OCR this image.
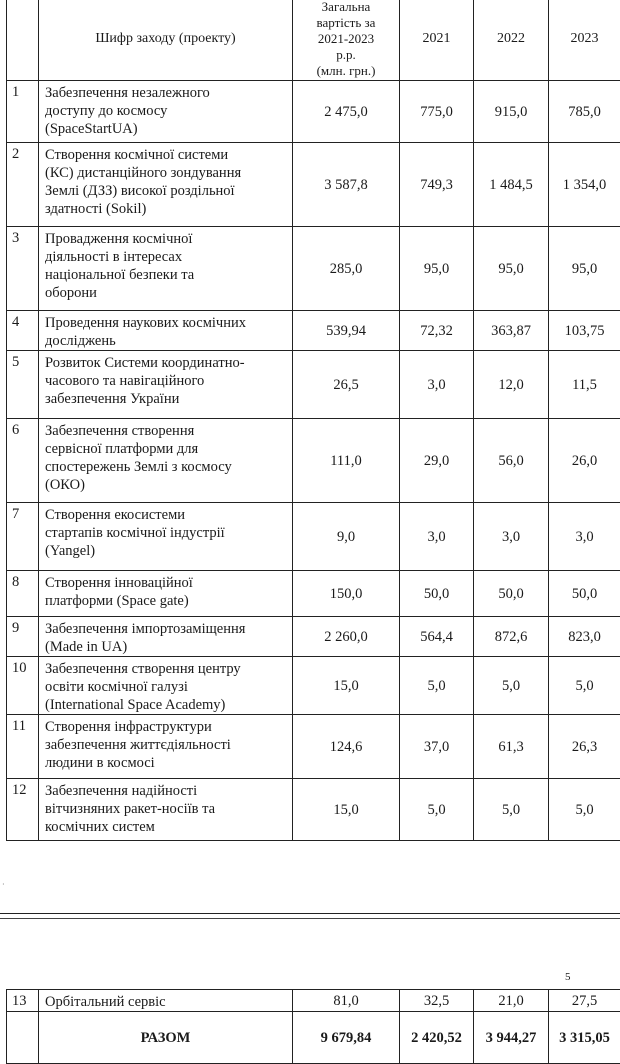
	Шифр заходу (проекту)	Загальна
вартість за
2021-2023
р.р.
(млн. грн.)	2021	2022	2023
1	Забезпечення незалежного
доступу до космосу
(SpaceStartUA)	2 475,0	775,0	915,0	785,0
2	Створення космічної системи
(КС) дистанційного зондування
Землі (ДЗЗ) високої роздільної
здатності (Sokil)	3 587,8	749,3	1 484,5	1 354,0
3	Провадження космічної
діяльності в інтересах
національної безпеки та
оборони	285,0	95,0	95,0	95,0
4	Проведення наукових космічних
досліджень	539,94	72,32	363,87	103,75
5	Розвиток Системи координатно-
часового та навігаційного
забезпечення України	26,5	3,0	12,0	11,5
6	Забезпечення створення
сервісної платформи для
спостережень Землі з космосу
(ОКО)	111,0	29,0	56,0	26,0
7	Створення екосистеми
стартапів космічної індустрії
(Yangel)	9,0	3,0	3,0	3,0
8	Створення інноваційної
платформи (Space gate)	150,0	50,0	50,0	50,0
9	Забезпечення імпортозаміщення
(Made in UA)	2 260,0	564,4	872,6	823,0
10	Забезпечення створення центру
освіти космічної галузі
(International Space Academy)	15,0	5,0	5,0	5,0
11	Створення інфраструктури
забезпечення життєдіяльності
людини в космосі	124,6	37,0	61,3	26,3
12	Забезпечення надійності
вітчизняних ракет-носіїв та
космічних систем	15,0	5,0	5,0	5,0
·
5
13	Орбітальний сервіс	81,0	32,5	21,0	27,5
	РАЗОМ	9 679,84	2 420,52	3 944,27	3 315,05
